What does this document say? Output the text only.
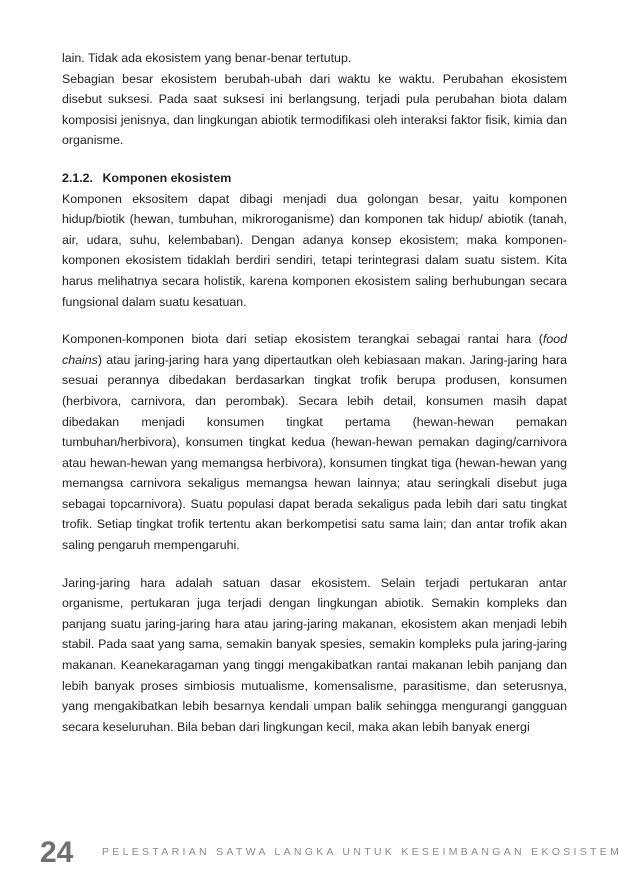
lain. Tidak ada ekosistem yang benar-benar tertutup.

Sebagian besar ekosistem berubah-ubah dari waktu ke waktu. Perubahan ekosistem disebut suksesi. Pada saat suksesi ini berlangsung, terjadi pula perubahan biota dalam komposisi jenisnya, dan lingkungan abiotik termodifikasi oleh interaksi faktor fisik, kimia dan organisme.

2.1.2. Komponen ekosistem

Komponen eksositem dapat dibagi menjadi dua golongan besar, yaitu komponen hidup/biotik (hewan, tumbuhan, mikroroganisme) dan komponen tak hidup/ abiotik (tanah, air, udara, suhu, kelembaban). Dengan adanya konsep ekosistem; maka komponen-komponen ekosistem tidaklah berdiri sendiri, tetapi terintegrasi dalam suatu sistem. Kita harus melihatnya secara holistik, karena komponen ekosistem saling berhubungan secara fungsional dalam suatu kesatuan.

Komponen-komponen biota dari setiap ekosistem terangkai sebagai rantai hara (food chains) atau jaring-jaring hara yang dipertautkan oleh kebiasaan makan. Jaring-jaring hara sesuai perannya dibedakan berdasarkan tingkat trofik berupa produsen, konsumen (herbivora, carnivora, dan perombak). Secara lebih detail, konsumen masih dapat dibedakan menjadi konsumen tingkat pertama (hewan-hewan pemakan tumbuhan/herbivora), konsumen tingkat kedua (hewan-hewan pemakan daging/carnivora atau hewan-hewan yang memangsa herbivora), konsumen tingkat tiga (hewan-hewan yang memangsa carnivora sekaligus memangsa hewan lainnya; atau seringkali disebut juga sebagai topcarnivora). Suatu populasi dapat berada sekaligus pada lebih dari satu tingkat trofik. Setiap tingkat trofik tertentu akan berkompetisi satu sama lain; dan antar trofik akan saling pengaruh mempengaruhi.

Jaring-jaring hara adalah satuan dasar ekosistem. Selain terjadi pertukaran antar organisme, pertukaran juga terjadi dengan lingkungan abiotik. Semakin kompleks dan panjang suatu jaring-jaring hara atau jaring-jaring makanan, ekosistem akan menjadi lebih stabil. Pada saat yang sama, semakin banyak spesies, semakin kompleks pula jaring-jaring makanan. Keanekaragaman yang tinggi mengakibatkan rantai makanan lebih panjang dan lebih banyak proses simbiosis mutualisme, komensalisme, parasitisme, dan seterusnya, yang mengakibatkan lebih besarnya kendali umpan balik sehingga mengurangi gangguan secara keseluruhan. Bila beban dari lingkungan kecil, maka akan lebih banyak energi

24	PELESTARIAN SATWA LANGKA UNTUK KESEIMBANGAN EKOSISTEM
